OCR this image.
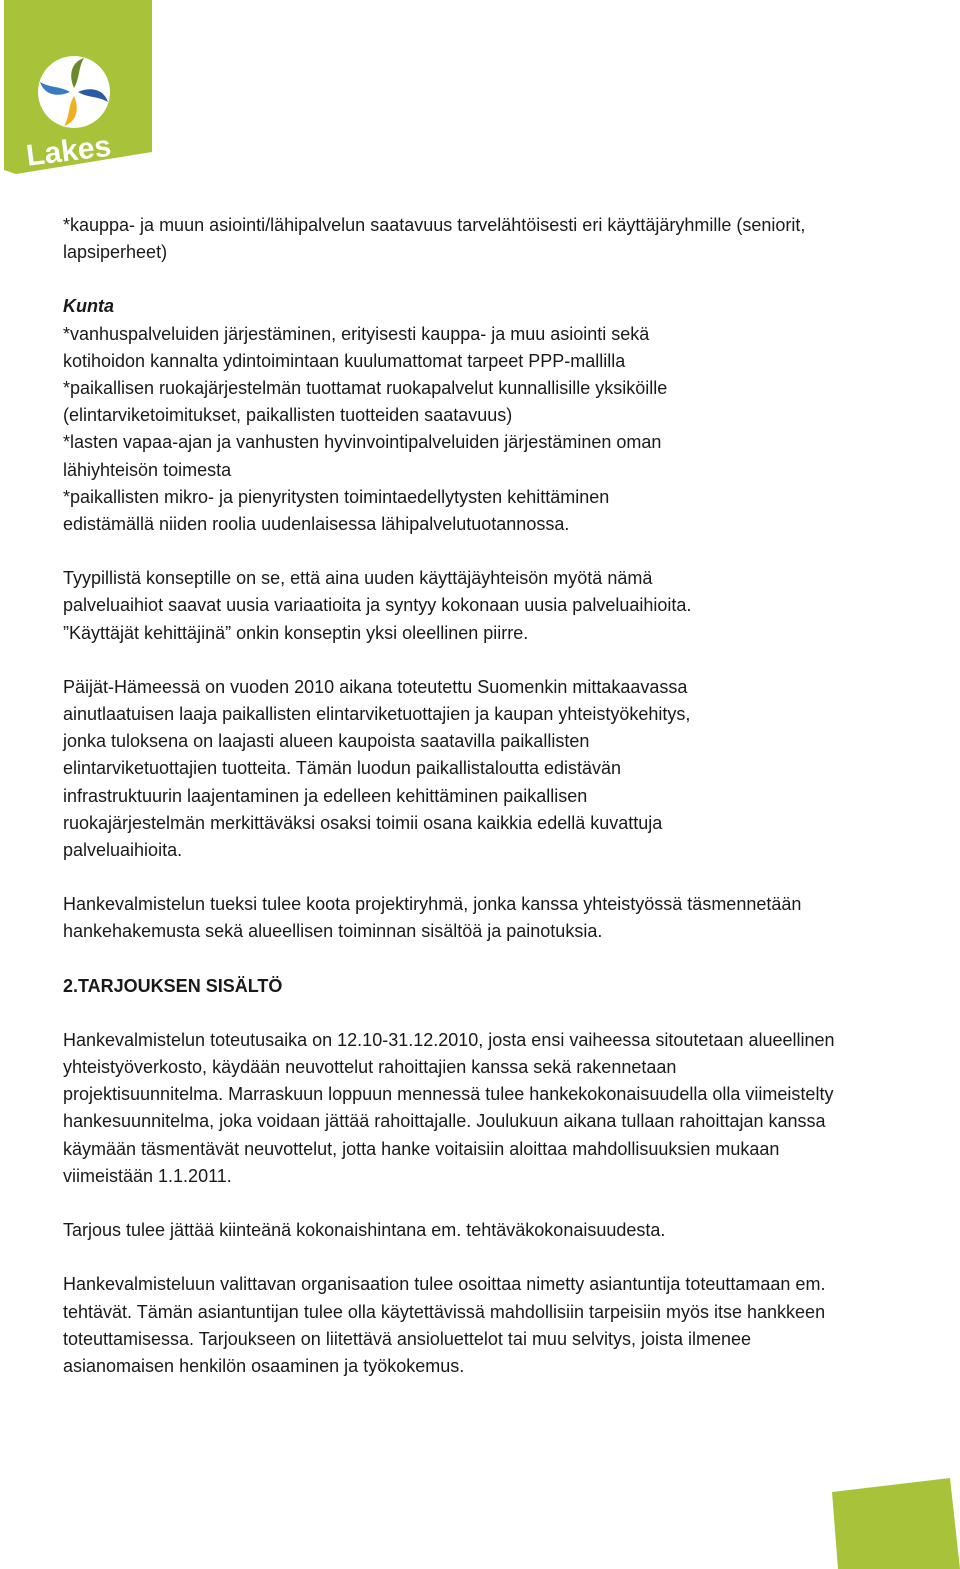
Lakes
*kauppa- ja muun asiointi/lähipalvelun saatavuus tarvelähtöisesti eri käyttäjäryhmille (seniorit,
lapsiperheet)
Kunta
*vanhuspalveluiden järjestäminen, erityisesti kauppa- ja muu asiointi sekä
kotihoidon kannalta ydintoimintaan kuulumattomat tarpeet PPP-mallilla
*paikallisen ruokajärjestelmän tuottamat ruokapalvelut kunnallisille yksiköille
(elintarviketoimitukset, paikallisten tuotteiden saatavuus)
*lasten vapaa-ajan ja vanhusten hyvinvointipalveluiden järjestäminen oman
lähiyhteisön toimesta
*paikallisten mikro- ja pienyritysten toimintaedellytysten kehittäminen
edistämällä niiden roolia uudenlaisessa lähipalvelutuotannossa.
Tyypillistä konseptille on se, että aina uuden käyttäjäyhteisön myötä nämä
palveluaihiot saavat uusia variaatioita ja syntyy kokonaan uusia palveluaihioita.
”Käyttäjät kehittäjinä” onkin konseptin yksi oleellinen piirre.
Päijät-Hämeessä on vuoden 2010 aikana toteutettu Suomenkin mittakaavassa
ainutlaatuisen laaja paikallisten elintarviketuottajien ja kaupan yhteistyökehitys,
jonka tuloksena on laajasti alueen kaupoista saatavilla paikallisten
elintarviketuottajien tuotteita. Tämän luodun paikallistaloutta edistävän
infrastruktuurin laajentaminen ja edelleen kehittäminen paikallisen
ruokajärjestelmän merkittäväksi osaksi toimii osana kaikkia edellä kuvattuja
palveluaihioita.
Hankevalmistelun tueksi tulee koota projektiryhmä, jonka kanssa yhteistyössä täsmennetään
hankehakemusta sekä alueellisen toiminnan sisältöä ja painotuksia.
2.TARJOUKSEN SISÄLTÖ
Hankevalmistelun toteutusaika on 12.10-31.12.2010, josta ensi vaiheessa sitoutetaan alueellinen
yhteistyöverkosto, käydään neuvottelut rahoittajien kanssa sekä rakennetaan
projektisuunnitelma. Marraskuun loppuun mennessä tulee hankekokonaisuudella olla viimeistelty
hankesuunnitelma, joka voidaan jättää rahoittajalle. Joulukuun aikana tullaan rahoittajan kanssa
käymään täsmentävät neuvottelut, jotta hanke voitaisiin aloittaa mahdollisuuksien mukaan
viimeistään 1.1.2011.
Tarjous tulee jättää kiinteänä kokonaishintana em. tehtäväkokonaisuudesta.
Hankevalmisteluun valittavan organisaation tulee osoittaa nimetty asiantuntija toteuttamaan em.
tehtävät. Tämän asiantuntijan tulee olla käytettävissä mahdollisiin tarpeisiin myös itse hankkeen
toteuttamisessa. Tarjoukseen on liitettävä ansioluettelot tai muu selvitys, joista ilmenee
asianomaisen henkilön osaaminen ja työkokemus.
